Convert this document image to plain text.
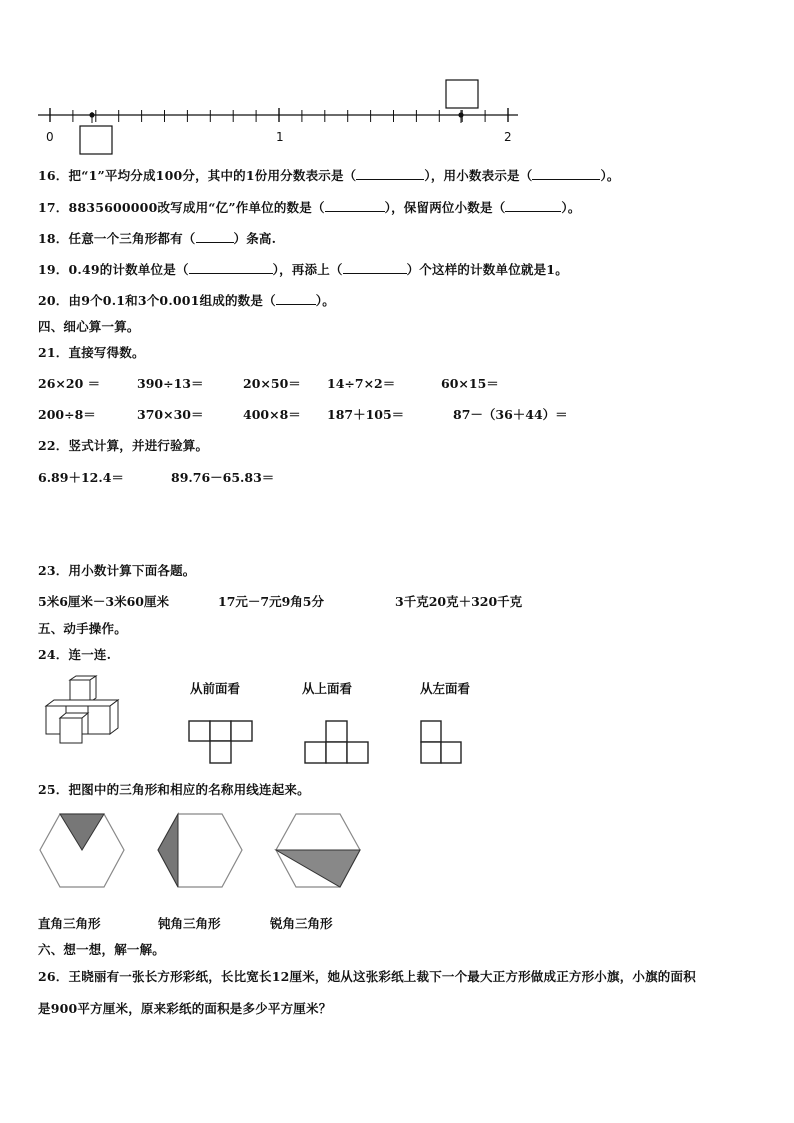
0	1	2
16．把“1”平均分成100分，其中的1份用分数表示是（	），用小数表示是（	）。
17．8835600000改写成用“亿”作单位的数是（	），保留两位小数是（	）。
18．任意一个三角形都有（	）条高.
19．0.49的计数单位是（	），再添上（	）个这样的计数单位就是1。
20．由9个0.1和3个0.001组成的数是（	）。
四、细心算一算。
21．直接写得数。
26×20 ＝	390÷13＝	20×50＝ 14÷7×2＝	60×15＝
200÷8＝	370×30＝	400×8＝ 187＋105＝	87－（36＋44）＝
22．竖式计算，并进行验算。
6.89＋12.4＝	89.76－65.83＝
23．用小数计算下面各题。
5米6厘米－3米60厘米	17元－7元9角5分	3千克20克＋320千克
五、动手操作。
24．连一连.
从前面看	从上面看	从左面看
25．把图中的三角形和相应的名称用线连起来。
直角三角形	钝角三角形	锐角三角形
六、想一想，解一解。
26．王晓丽有一张长方形彩纸，长比宽长12厘米，她从这张彩纸上裁下一个最大正方形做成正方形小旗，小旗的面积
是900平方厘米，原来彩纸的面积是多少平方厘米？
